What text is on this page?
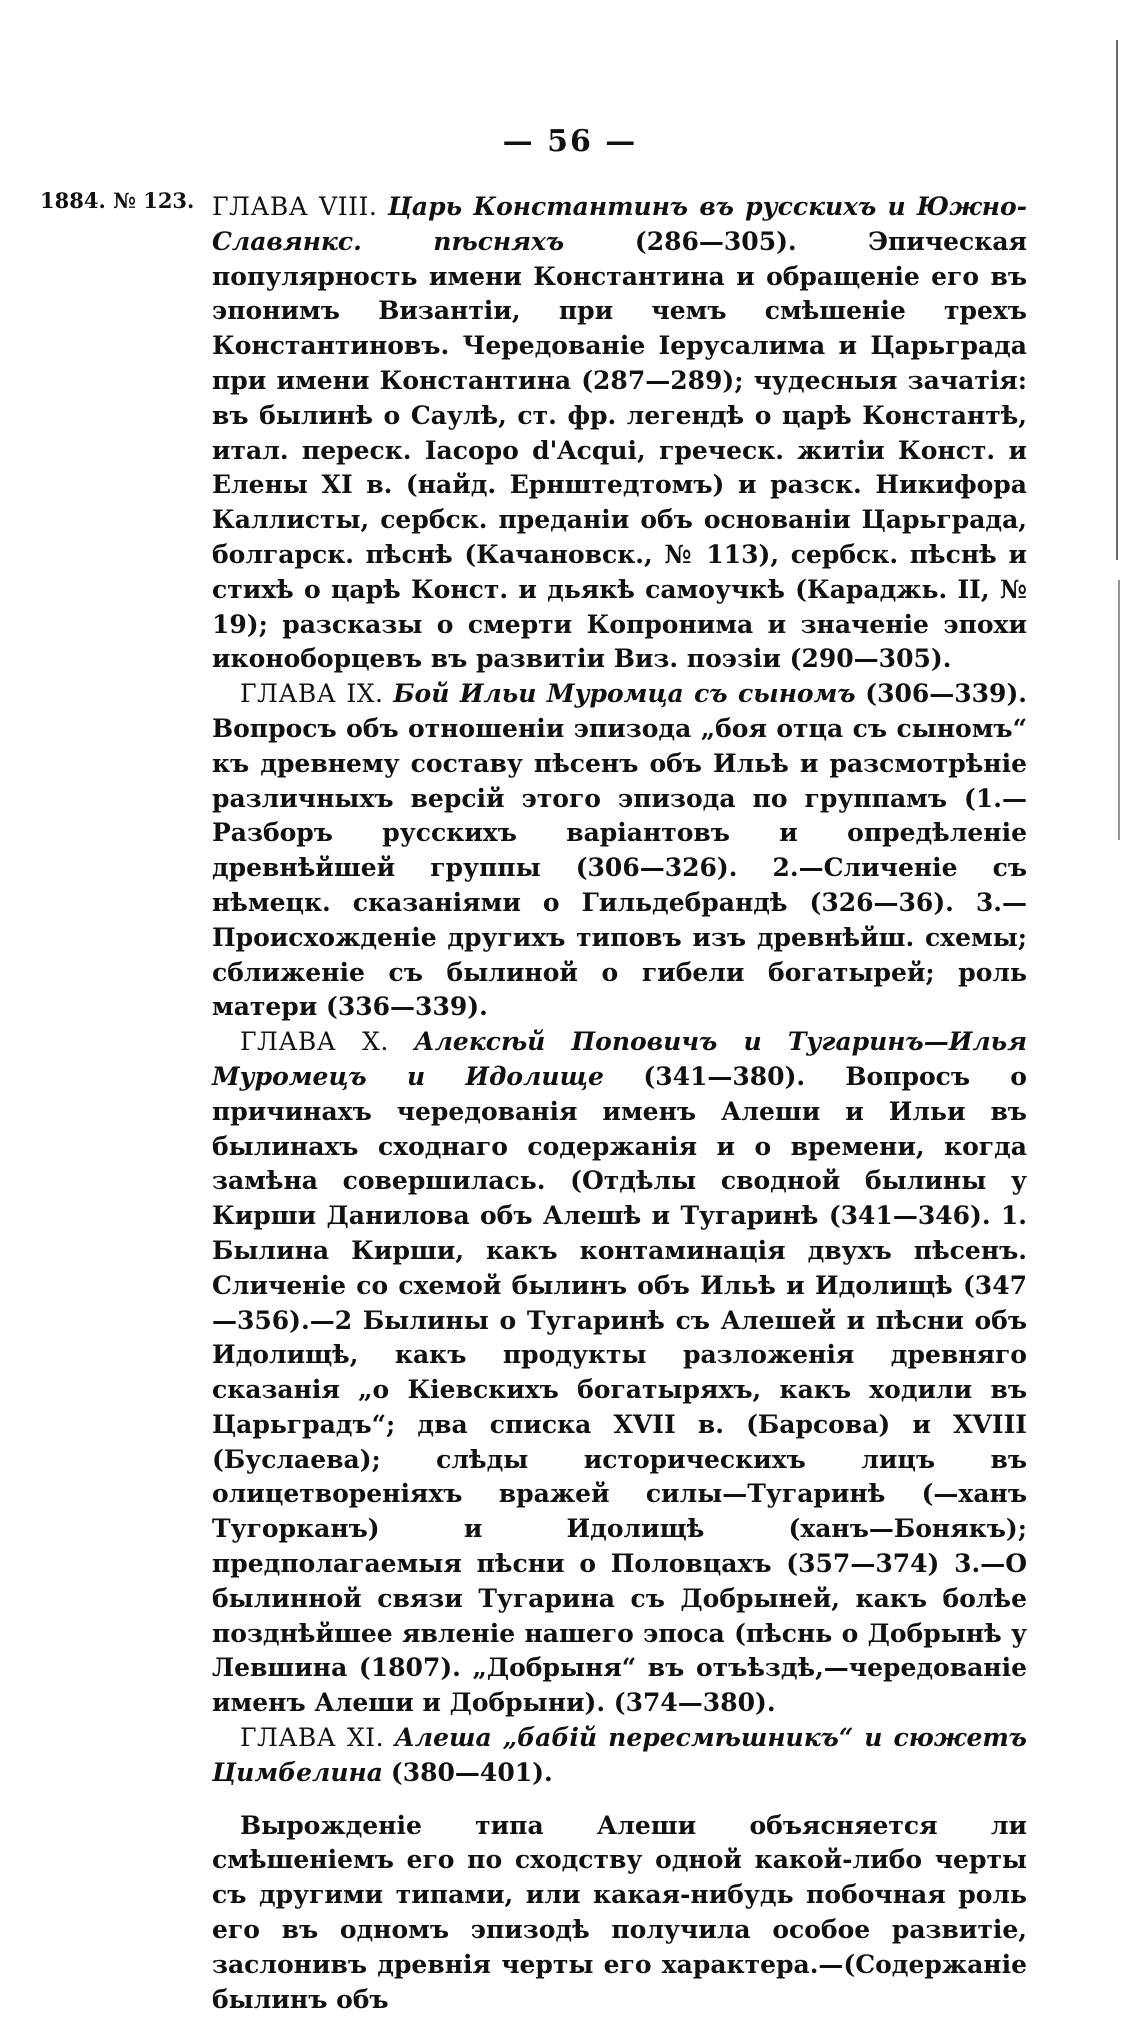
— 56 —
1884. № 123. ГЛАВА VIII. Царь Константинъ въ русскихъ и Южно-Славянкс. пѣсняхъ	(286—305). Эпическая популярность имени Константина и обращеніе его въ эпонимъ Византіи, при чемъ смѣшеніе трехъ Константиновъ. Чередованіе Іерусалима и Царьграда при имени Константина (287—289); чудесныя зачатія: въ былинѣ о Саулѣ, ст. фр. легендѣ о царѣ Константѣ, итал. переск. Iacopo d'Acqui, греческ. житіи Конст. и Елены XI в. (найд. Ернштедтомъ) и разск. Никифора Каллисты, сербск. преданіи объ основаніи Царьграда, болгарск. пѣснѣ (Качановск., № 113), сербск. пѣснѣ и стихѣ о царѣ Конст. и дьякѣ самоучкѣ (Караджь. II, № 19); разсказы о смерти Копронима и значеніе эпохи иконоборцевъ въ развитіи Виз. поэзіи (290—305).

ГЛАВА IX. Бой Ильи Муромца съ сыномъ (306—339). Вопросъ объ отношеніи эпизода „боя отца съ сыномъ“ къ древнему составу пѣсенъ объ Ильѣ и разсмотрѣніе различныхъ версій этого эпизода по группамъ (1.—Разборъ русскихъ варіантовъ и опредѣленіе древнѣйшей группы (306—326). 2.—Сличеніе съ нѣмецк. сказаніями о Гильдебрандѣ (326—36). 3.—Происхожденіе другихъ типовъ изъ древнѣйш. схемы; сближеніе съ былиной о гибели богатырей; роль матери (336—339).

ГЛАВА X. Алексѣй Поповичъ и Тугаринъ—Илья Муромецъ и Идолище (341—380). Вопросъ о причинахъ чередованія именъ Алеши и Ильи въ былинахъ сходнаго содержанія и о времени, когда замѣна совершилась. (Отдѣлы сводной былины у Кирши Данилова объ Алешѣ и Тугаринѣ (341—346). 1. Былина Кирши, какъ контаминація двухъ пѣсенъ. Сличеніе со схемой былинъ объ Ильѣ и Идолищѣ (347—356).—2 Былины о Тугаринѣ съ Алешей и пѣсни объ Идолищѣ, какъ продукты разложенія древняго сказанія „о Кіевскихъ богатыряхъ, какъ ходили въ Царьградъ“; два списка XVII в. (Барсова) и XVIII (Буслаева); слѣды историческихъ лицъ въ олицетвореніяхъ вражей силы—Тугаринѣ (—ханъ Тугорканъ) и Идолищѣ (ханъ—Бонякъ); предполагаемыя пѣсни о Половцахъ (357—374) 3.—О былинной связи Тугарина съ Добрыней, какъ болѣе позднѣйшее явленіе нашего эпоса (пѣснь о Добрынѣ у Левшина (1807). „Добрыня“ въ отъѣздѣ,—чередованіе именъ Алеши и Добрыни). (374—380).

ГЛАВА XI. Алеша „бабій пересмѣшникъ“ и сюжетъ Цимбелина (380—401).

Вырожденіе типа Алеши объясняется ли смѣшеніемъ его по сходству одной какой-либо черты съ другими типами, или какая-нибудь побочная роль его въ одномъ эпизодѣ получила особое развитіе, заслонивъ древнія черты его характера.—(Содержаніе былинъ объ
